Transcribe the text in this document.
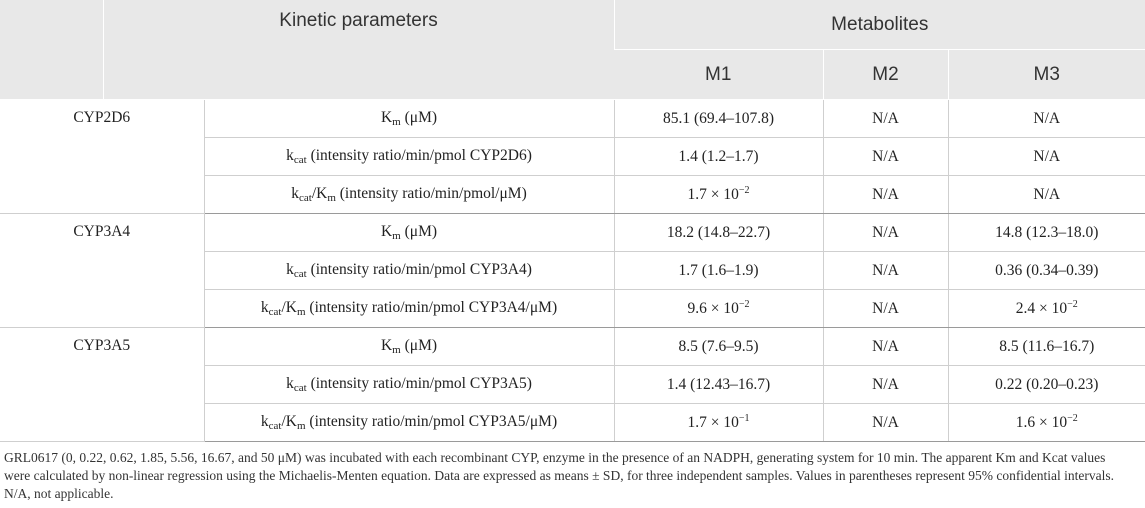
	Kinetic parameters		Metabolites		
			M1	M2	M3
CYP2D6		$K_m$ (μM)	85.1 (69.4–107.8)	N/A	N/A
		$k_{cat}$ (intensity ratio/min/pmol CYP2D6)	1.4 (1.2–1.7)	N/A	N/A
		$k_{cat}/K_m$ (intensity ratio/min/pmol/μM)	$1.7 \times 10^{-2}$	N/A	N/A
CYP3A4		$K_m$ (μM)	18.2 (14.8–22.7)	N/A	14.8 (12.3–18.0)
		$k_{cat}$ (intensity ratio/min/pmol CYP3A4)	1.7 (1.6–1.9)	N/A	0.36 (0.34–0.39)
		$k_{cat}/K_m$ (intensity ratio/min/pmol CYP3A4/μM)	$9.6 \times 10^{-2}$	N/A	$2.4 \times 10^{-2}$
CYP3A5		$K_m$ (μM)	8.5 (7.6–9.5)	N/A	8.5 (11.6–16.7)
		$k_{cat}$ (intensity ratio/min/pmol CYP3A5)	1.4 (12.43–16.7)	N/A	0.22 (0.20–0.23)
		$k_{cat}/K_m$ (intensity ratio/min/pmol CYP3A5/μM)	$1.7 \times 10^{-1}$	N/A	$1.6 \times 10^{-2}$
GRL0617 (0, 0.22, 0.62, 1.85, 5.56, 16.67, and 50 μM) was incubated with each recombinant CYP, enzyme in the presence of an NADPH, generating system for 10 min. The apparent Km and Kcat values were calculated by non-linear regression using the Michaelis-Menten equation. Data are expressed as means ± SD, for three independent samples. Values in parentheses represent 95% confidential intervals. N/A, not applicable.
